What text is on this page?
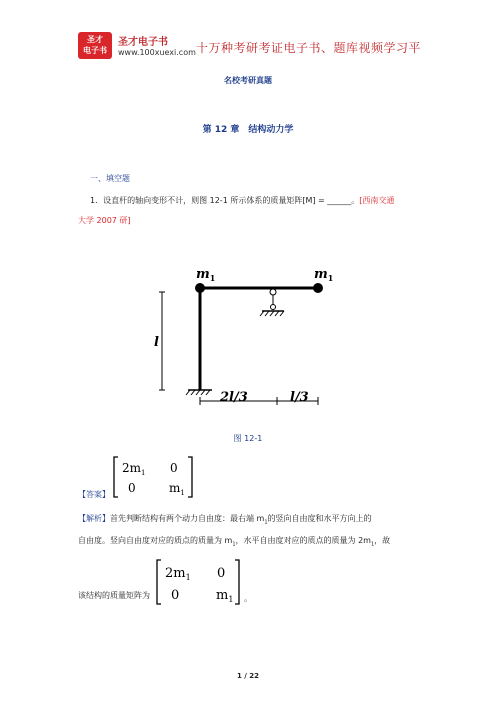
圣才
电子书
圣才电子书
www.100xuexi.com 十万种考研考证电子书、题库视频学习平
名校考研真题
第 12 章　结构动力学
一、填空题
1．设直杆的轴向变形不计，则图 12-1 所示体系的质量矩阵[M] = ______。[西南交通
大学 2007 研]
$m_1$	$m_1$
l
2l/3	l/3
图 12-1
【答案】
$2m_1$ 0
0	$m_1$
【解析】首先判断结构有两个动力自由度：最右端 $m_1$的竖向自由度和水平方向上的
自由度。竖向自由度对应的质点的质量为 $m_1$，水平自由度对应的质点的质量为 $2m_1$，故
该结构的质量矩阵为
$2m_1$ 0
0	$m_1$ 。
1 / 22
